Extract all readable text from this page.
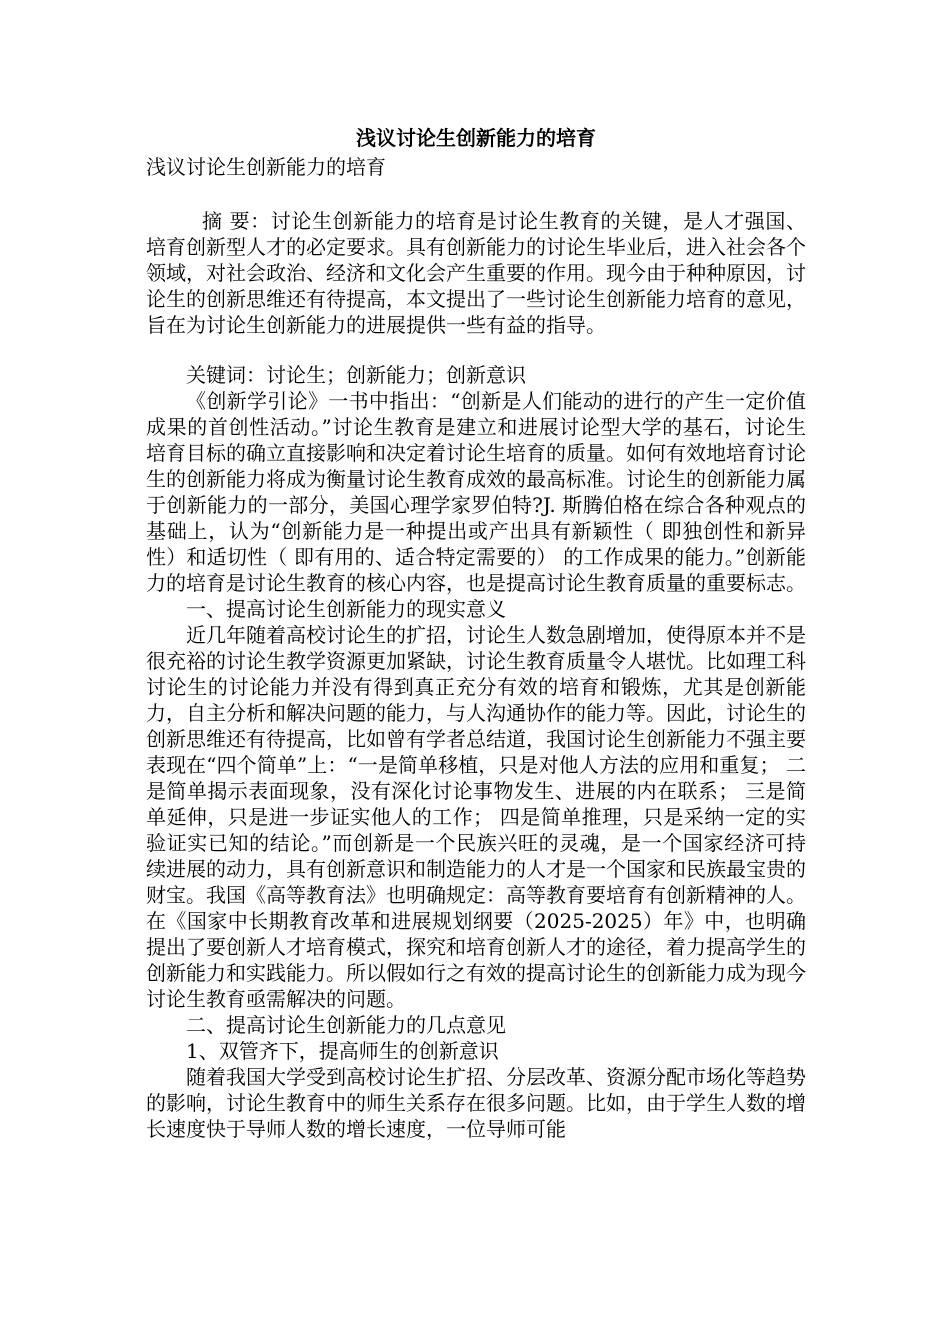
浅议讨论生创新能力的培育

浅议讨论生创新能力的培育

摘 要：讨论生创新能力的培育是讨论生教育的关键，是人才强国、培育创新型人才的必定要求。具有创新能力的讨论生毕业后，进入社会各个领域，对社会政治、经济和文化会产生重要的作用。现今由于种种原因，讨论生的创新思维还有待提高，本文提出了一些讨论生创新能力培育的意见，旨在为讨论生创新能力的进展提供一些有益的指导。

关键词：讨论生；创新能力；创新意识

《创新学引论》一书中指出：“创新是人们能动的进行的产生一定价值成果的首创性活动。”讨论生教育是建立和进展讨论型大学的基石，讨论生培育目标的确立直接影响和决定着讨论生培育的质量。如何有效地培育讨论生的创新能力将成为衡量讨论生教育成效的最高标准。讨论生的创新能力属于创新能力的一部分，美国心理学家罗伯特?J. 斯腾伯格在综合各种观点的基础上，认为“创新能力是一种提出或产出具有新颖性（ 即独创性和新异性）和适切性（ 即有用的、适合特定需要的） 的工作成果的能力。”创新能力的培育是讨论生教育的核心内容，也是提高讨论生教育质量的重要标志。

一、提高讨论生创新能力的现实意义

近几年随着高校讨论生的扩招，讨论生人数急剧增加，使得原本并不是很充裕的讨论生教学资源更加紧缺，讨论生教育质量令人堪忧。比如理工科讨论生的讨论能力并没有得到真正充分有效的培育和锻炼，尤其是创新能力，自主分析和解决问题的能力，与人沟通协作的能力等。因此，讨论生的创新思维还有待提高，比如曾有学者总结道，我国讨论生创新能力不强主要表现在“四个简单”上：“一是简单移植，只是对他人方法的应用和重复； 二是简单揭示表面现象，没有深化讨论事物发生、进展的内在联系； 三是简单延伸，只是进一步证实他人的工作； 四是简单推理，只是采纳一定的实验证实已知的结论。”而创新是一个民族兴旺的灵魂，是一个国家经济可持续进展的动力，具有创新意识和制造能力的人才是一个国家和民族最宝贵的财宝。我国《高等教育法》也明确规定：高等教育要培育有创新精神的人。在《国家中长期教育改革和进展规划纲要（2025-2025）年》中，也明确提出了要创新人才培育模式，探究和培育创新人才的途径，着力提高学生的创新能力和实践能力。所以假如行之有效的提高讨论生的创新能力成为现今讨论生教育亟需解决的问题。

二、提高讨论生创新能力的几点意见

1、双管齐下，提高师生的创新意识

随着我国大学受到高校讨论生扩招、分层改革、资源分配市场化等趋势的影响，讨论生教育中的师生关系存在很多问题。比如，由于学生人数的增长速度快于导师人数的增长速度，一位导师可能
